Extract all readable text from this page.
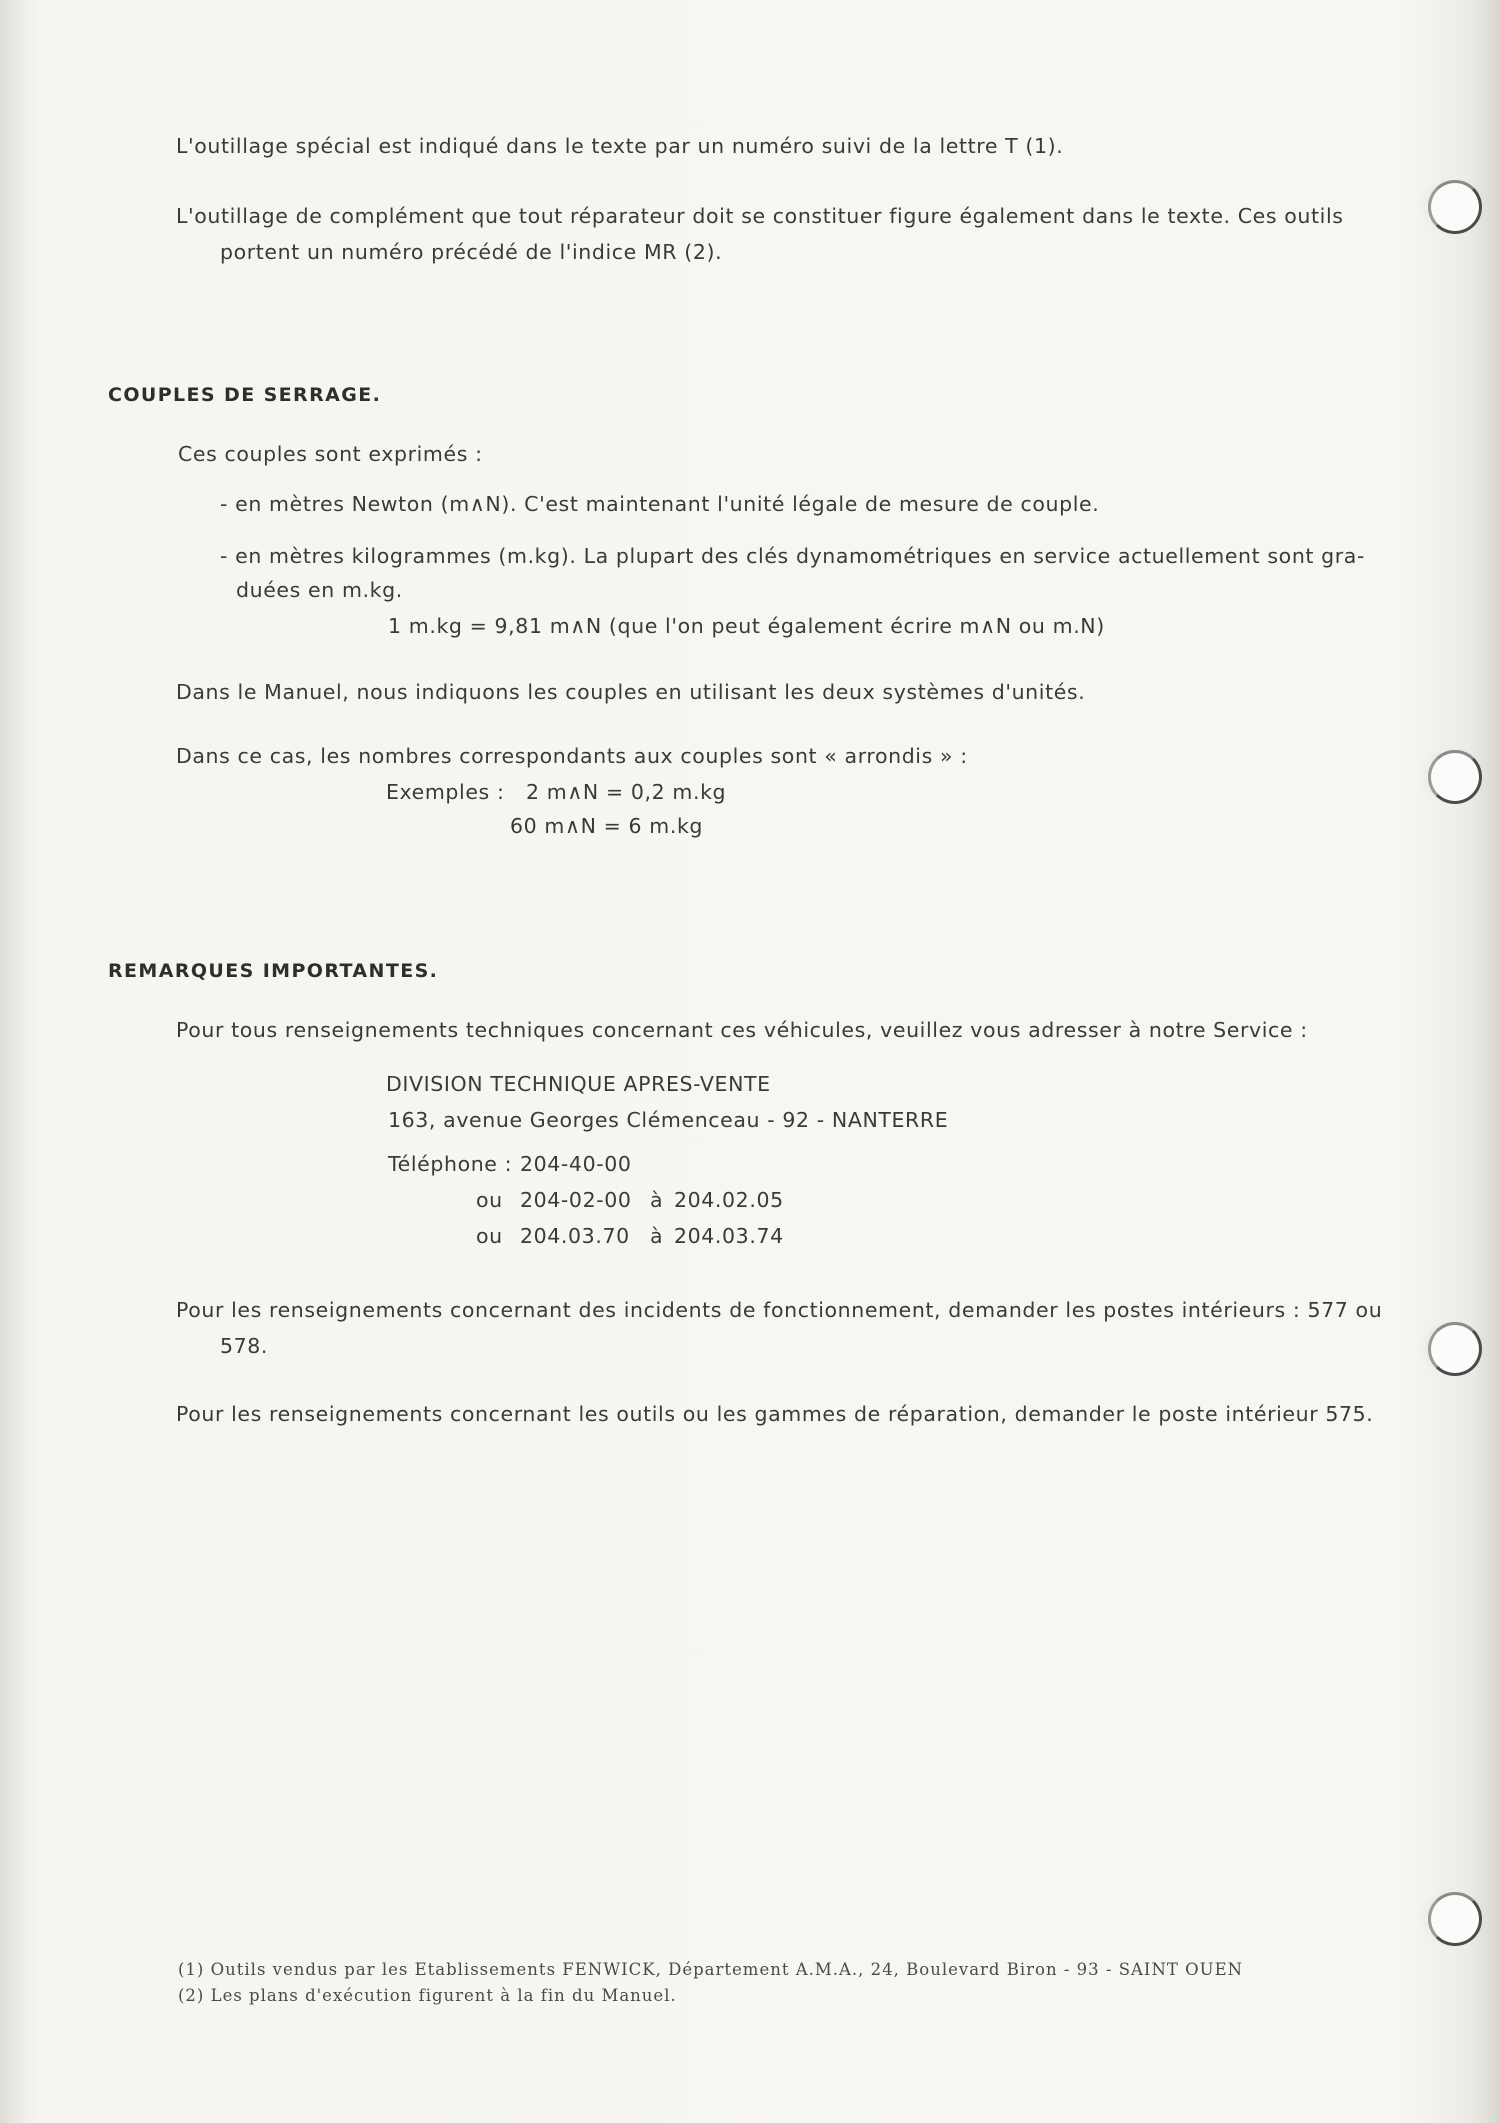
L'outillage spécial est indiqué dans le texte par un numéro suivi de la lettre T (1).
L'outillage de complément que tout réparateur doit se constituer figure également dans le texte. Ces outils
portent un numéro précédé de l'indice MR (2).
COUPLES DE SERRAGE.
Ces couples sont exprimés :
- en mètres Newton (m∧N). C'est maintenant l'unité légale de mesure de couple.
- en mètres kilogrammes (m.kg). La plupart des clés dynamométriques en service actuellement sont gra-
duées en m.kg.
1 m.kg = 9,81 m∧N (que l'on peut également écrire m∧N ou m.N)
Dans le Manuel, nous indiquons les couples en utilisant les deux systèmes d'unités.
Dans ce cas, les nombres correspondants aux couples sont « arrondis » :
Exemples : 2 m∧N = 0,2 m.kg
60 m∧N = 6 m.kg
REMARQUES IMPORTANTES.
Pour tous renseignements techniques concernant ces véhicules, veuillez vous adresser à notre Service :
DIVISION TECHNIQUE APRES-VENTE
163, avenue Georges Clémenceau - 92 - NANTERRE
Téléphone : 204-40-00
ou 204-02-00 à 204.02.05
ou 204.03.70 à 204.03.74
Pour les renseignements concernant des incidents de fonctionnement, demander les postes intérieurs : 577 ou
578.
Pour les renseignements concernant les outils ou les gammes de réparation, demander le poste intérieur 575.
(1) Outils vendus par les Etablissements FENWICK, Département A.M.A., 24, Boulevard Biron - 93 - SAINT OUEN
(2) Les plans d'exécution figurent à la fin du Manuel.
